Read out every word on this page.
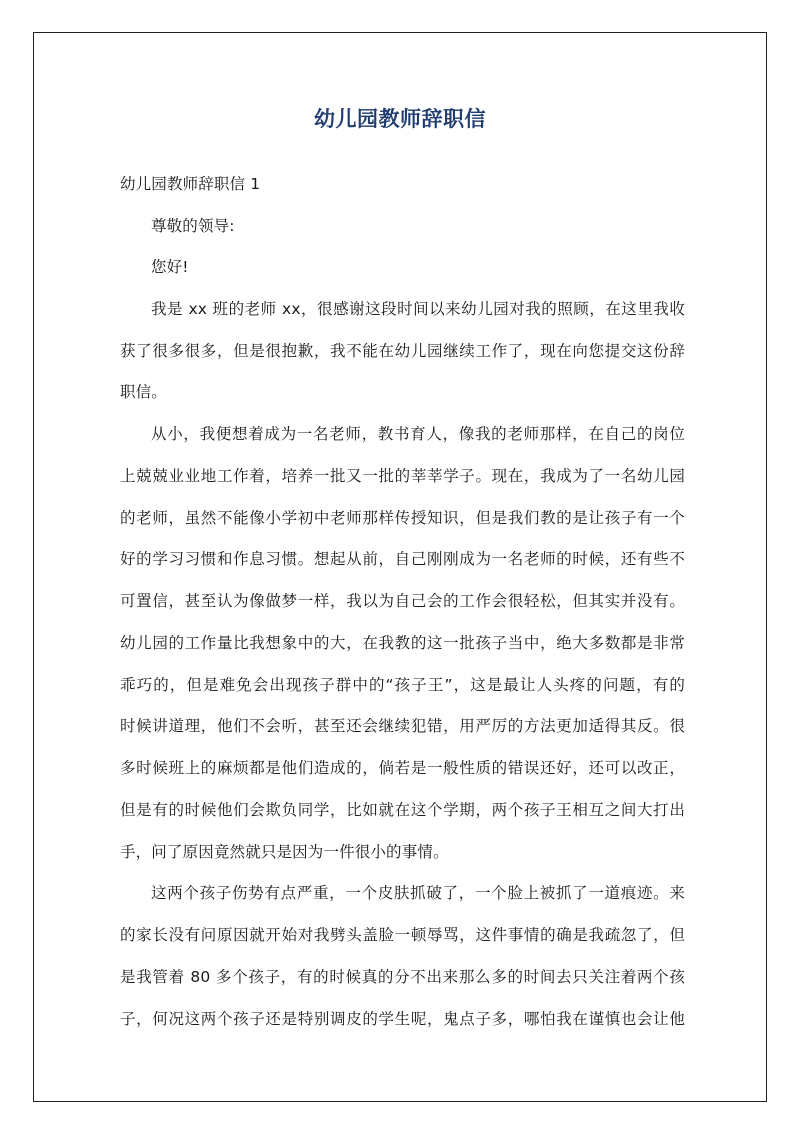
幼儿园教师辞职信
幼儿园教师辞职信 1
尊敬的领导:
您好!
我是 xx 班的老师 xx，很感谢这段时间以来幼儿园对我的照顾，在这里我收
获了很多很多，但是很抱歉，我不能在幼儿园继续工作了，现在向您提交这份辞
职信。
从小，我便想着成为一名老师，教书育人，像我的老师那样，在自己的岗位
上兢兢业业地工作着，培养一批又一批的莘莘学子。现在，我成为了一名幼儿园
的老师，虽然不能像小学初中老师那样传授知识，但是我们教的是让孩子有一个
好的学习习惯和作息习惯。想起从前，自己刚刚成为一名老师的时候，还有些不
可置信，甚至认为像做梦一样，我以为自己会的工作会很轻松，但其实并没有。
幼儿园的工作量比我想象中的大，在我教的这一批孩子当中，绝大多数都是非常
乖巧的，但是难免会出现孩子群中的“孩子王”，这是最让人头疼的问题，有的
时候讲道理，他们不会听，甚至还会继续犯错，用严厉的方法更加适得其反。很
多时候班上的麻烦都是他们造成的，倘若是一般性质的错误还好，还可以改正，
但是有的时候他们会欺负同学，比如就在这个学期，两个孩子王相互之间大打出
手，问了原因竟然就只是因为一件很小的事情。
这两个孩子伤势有点严重，一个皮肤抓破了，一个脸上被抓了一道痕迹。来
的家长没有问原因就开始对我劈头盖脸一顿辱骂，这件事情的确是我疏忽了，但
是我管着 80 多个孩子，有的时候真的分不出来那么多的时间去只关注着两个孩
子，何况这两个孩子还是特别调皮的学生呢，鬼点子多，哪怕我在谨慎也会让他
